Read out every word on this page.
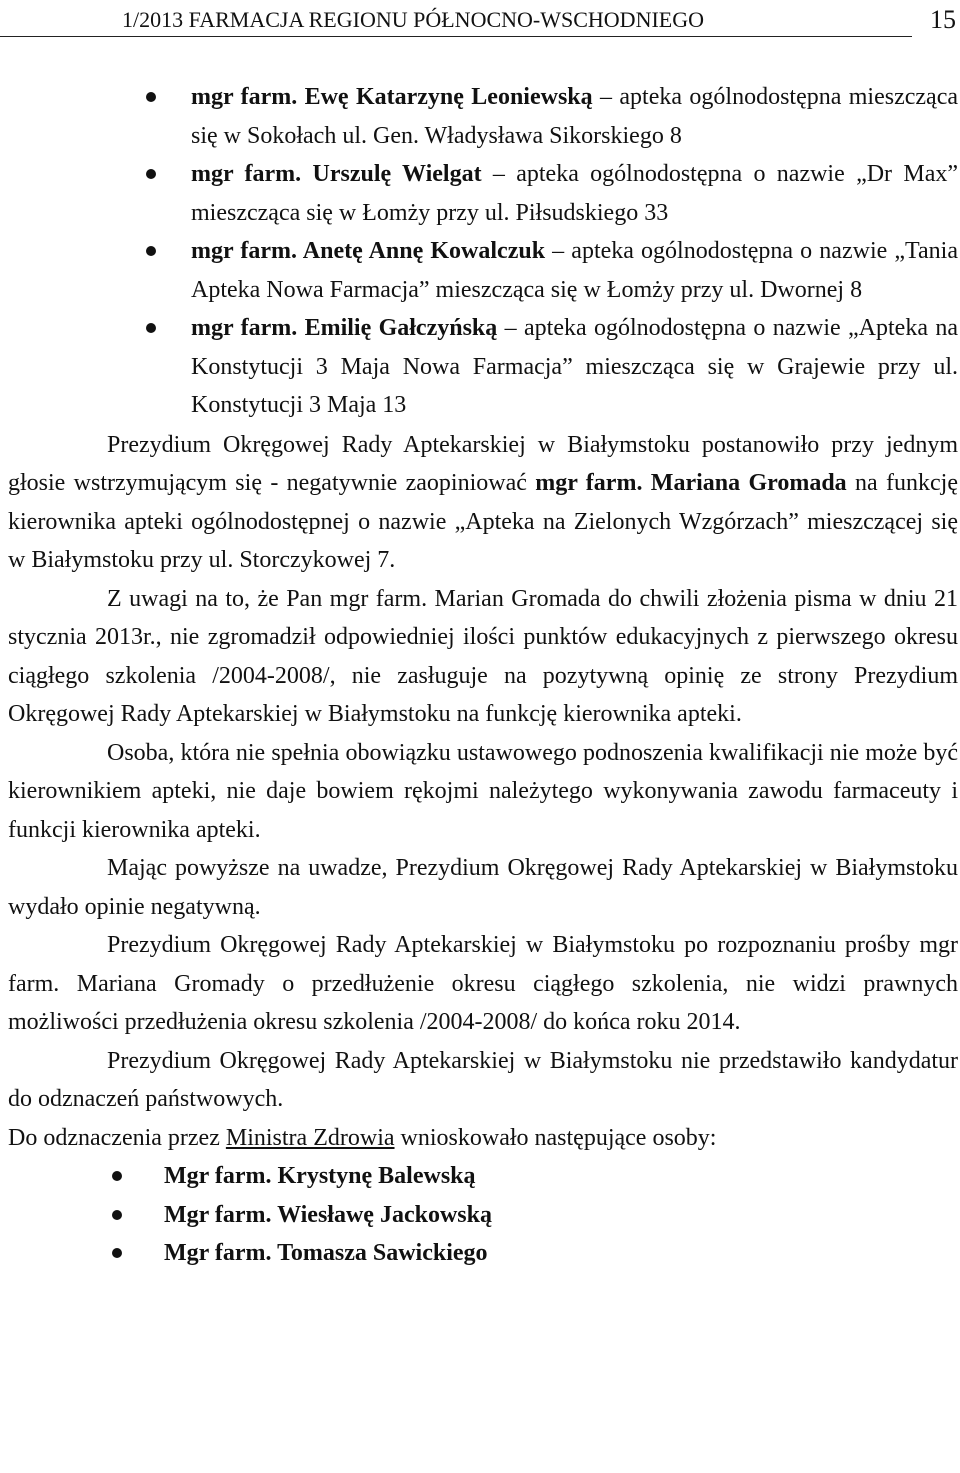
1/2013 FARMACJA REGIONU PÓŁNOCNO-WSCHODNIEGO	15
mgr farm. Ewę Katarzynę Leoniewską – apteka ogólnodostępna mieszcząca się w Sokołach ul. Gen. Władysława Sikorskiego 8
mgr farm. Urszulę Wielgat – apteka ogólnodostępna o nazwie „Dr Max” mieszcząca się w Łomży przy ul. Piłsudskiego 33
mgr farm. Anetę Annę Kowalczuk – apteka ogólnodostępna o nazwie „Tania Apteka Nowa Farmacja” mieszcząca się w Łomży przy ul. Dwornej 8
mgr farm. Emilię Gałczyńską – apteka ogólnodostępna o nazwie „Apteka na Konstytucji 3 Maja Nowa Farmacja” mieszcząca się w Grajewie przy ul. Konstytucji 3 Maja 13

Prezydium Okręgowej Rady Aptekarskiej w Białymstoku postanowiło przy jednym głosie wstrzymującym się - negatywnie zaopiniować mgr farm. Mariana Gromada na funkcję kierownika apteki ogólnodostępnej o nazwie „Apteka na Zielonych Wzgórzach” mieszczącej się w Białymstoku przy ul. Storczykowej 7.

Z uwagi na to, że Pan mgr farm. Marian Gromada do chwili złożenia pisma w dniu 21 stycznia 2013r., nie zgromadził odpowiedniej ilości punktów edukacyjnych z pierwszego okresu ciągłego szkolenia /2004-2008/, nie zasługuje na pozytywną opinię ze strony Prezydium Okręgowej Rady Aptekarskiej w Białymstoku na funkcję kierownika apteki.

Osoba, która nie spełnia obowiązku ustawowego podnoszenia kwalifikacji nie może być kierownikiem apteki, nie daje bowiem rękojmi należytego wykonywania zawodu farmaceuty i funkcji kierownika apteki.

Mając powyższe na uwadze, Prezydium Okręgowej Rady Aptekarskiej w Białymstoku wydało opinie negatywną.

Prezydium Okręgowej Rady Aptekarskiej w Białymstoku po rozpoznaniu prośby mgr farm. Mariana Gromady o przedłużenie okresu ciągłego szkolenia, nie widzi prawnych możliwości przedłużenia okresu szkolenia /2004-2008/ do końca roku 2014.

Prezydium Okręgowej Rady Aptekarskiej w Białymstoku nie przedstawiło kandydatur do odznaczeń państwowych.

Do odznaczenia przez Ministra Zdrowia wnioskowało następujące osoby:

Mgr farm. Krystynę Balewską
Mgr farm. Wiesławę Jackowską
Mgr farm. Tomasza Sawickiego
